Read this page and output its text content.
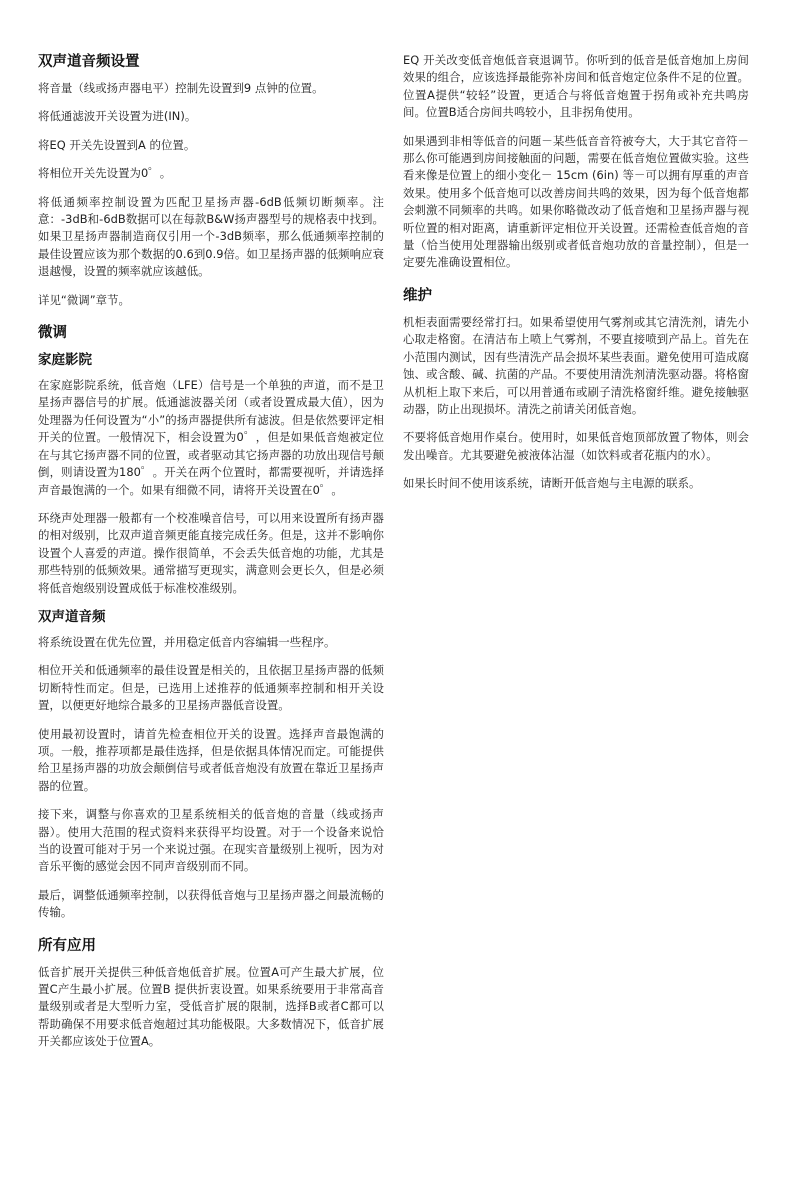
双声道音频设置

将音量（线或扬声器电平）控制先设置到9 点钟的位置。

将低通滤波开关设置为进(IN)。

将EQ 开关先设置到A 的位置。

将相位开关先设置为0゜。

将低通频率控制设置为匹配卫星扬声器-6dB低频切断频率。注意：-3dB和-6dB数据可以在每款B&W扬声器型号的规格表中找到。如果卫星扬声器制造商仅引用一个-3dB频率，那么低通频率控制的最佳设置应该为那个数据的0.6到0.9倍。如卫星扬声器的低频响应衰退越慢，设置的频率就应该越低。

详见“微调”章节。

微调
家庭影院

在家庭影院系统，低音炮（LFE）信号是一个单独的声道，而不是卫星扬声器信号的扩展。低通滤波器关闭（或者设置成最大值），因为处理器为任何设置为“小”的扬声器提供所有滤波。但是依然要评定相开关的位置。一般情况下，相会设置为0゜，但是如果低音炮被定位在与其它扬声器不同的位置，或者驱动其它扬声器的功放出现信号颠倒，则请设置为180゜。开关在两个位置时，都需要视听，并请选择声音最饱满的一个。如果有细微不同，请将开关设置在0゜。

环绕声处理器一般都有一个校准噪音信号，可以用来设置所有扬声器的相对级别，比双声道音频更能直接完成任务。但是，这并不影响你设置个人喜爱的声道。操作很简单，不会丢失低音炮的功能，尤其是那些特别的低频效果。通常描写更现实，满意则会更长久，但是必须将低音炮级别设置成低于标准校准级别。

双声道音频

将系统设置在优先位置，并用稳定低音内容编辑一些程序。

相位开关和低通频率的最佳设置是相关的，且依据卫星扬声器的低频切断特性而定。但是，已选用上述推荐的低通频率控制和相开关设置，以便更好地综合最多的卫星扬声器低音设置。

使用最初设置时，请首先检查相位开关的设置。选择声音最饱满的项。一般，推荐项都是最佳选择，但是依据具体情况而定。可能提供给卫星扬声器的功放会颠倒信号或者低音炮没有放置在靠近卫星扬声器的位置。

接下来，调整与你喜欢的卫星系统相关的低音炮的音量（线或扬声器）。使用大范围的程式资料来获得平均设置。对于一个设备来说恰当的设置可能对于另一个来说过强。在现实音量级别上视听，因为对音乐平衡的感觉会因不同声音级别而不同。

最后，调整低通频率控制，以获得低音炮与卫星扬声器之间最流畅的传输。

所有应用

低音扩展开关提供三种低音炮低音扩展。位置A可产生最大扩展，位置C产生最小扩展。位置B 提供折衷设置。如果系统要用于非常高音量级别或者是大型听力室，受低音扩展的限制，选择B或者C都可以帮助确保不用要求低音炮超过其功能极限。大多数情况下，低音扩展开关都应该处于位置A。

EQ 开关改变低音炮低音衰退调节。你听到的低音是低音炮加上房间效果的组合，应该选择最能弥补房间和低音炮定位条件不足的位置。位置A提供“较轻”设置，更适合与将低音炮置于拐角或补充共鸣房间。位置B适合房间共鸣较小，且非拐角使用。

如果遇到非相等低音的问题－某些低音音符被夸大，大于其它音符－那么你可能遇到房间接触面的问题，需要在低音炮位置做实验。这些看来像是位置上的细小变化－ 15cm (6in) 等－可以拥有厚重的声音效果。使用多个低音炮可以改善房间共鸣的效果，因为每个低音炮都会刺激不同频率的共鸣。如果你略微改动了低音炮和卫星扬声器与视听位置的相对距离，请重新评定相位开关设置。还需检查低音炮的音量（恰当使用处理器输出级别或者低音炮功放的音量控制），但是一定要先准确设置相位。

维护

机柜表面需要经常打扫。如果希望使用气雾剂或其它清洗剂，请先小心取走格窗。在清洁布上喷上气雾剂，不要直接喷到产品上。首先在小范围内测试，因有些清洗产品会损坏某些表面。避免使用可造成腐蚀、或含酸、碱、抗菌的产品。不要使用清洗剂清洗驱动器。将格窗从机柜上取下来后，可以用普通布或刷子清洗格窗纤维。避免接触驱动器，防止出现损坏。清洗之前请关闭低音炮。

不要将低音炮用作桌台。使用时，如果低音炮顶部放置了物体，则会发出噪音。尤其要避免被液体沾湿（如饮料或者花瓶内的水）。

如果长时间不使用该系统，请断开低音炮与主电源的联系。
